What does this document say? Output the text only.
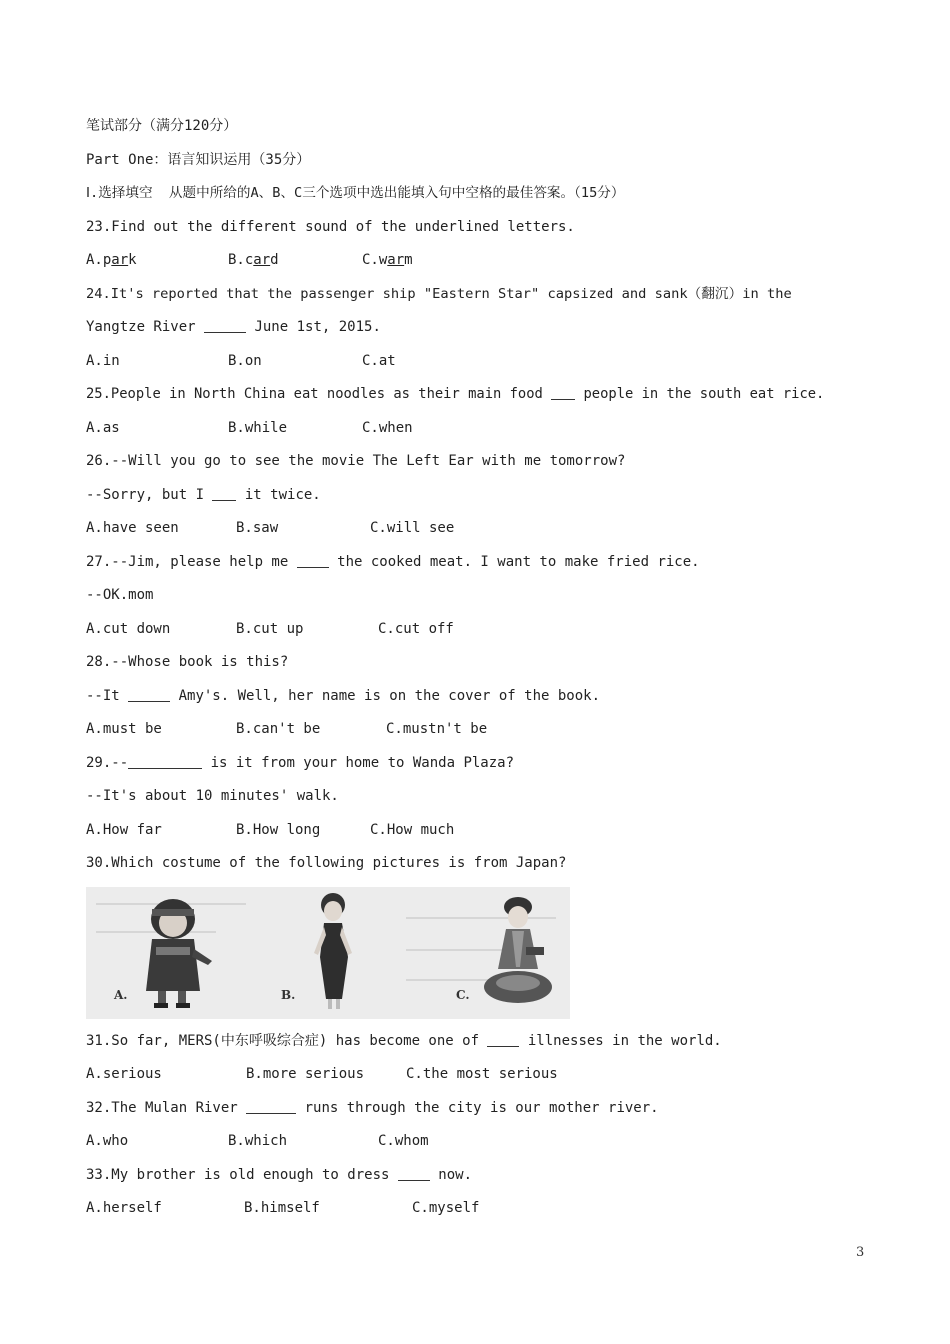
笔试部分（满分120分）
Part One：语言知识运用（35分）
Ⅰ.选择填空  从题中所给的A、B、C三个选项中选出能填入句中空格的最佳答案。（15分）
23.Find out the different sound of the underlined letters.
A.park	B.card	C.warm
24.It's reported that the passenger ship "Eastern Star" capsized and sank（翻沉）in the
Yangtze River	June 1st, 2015.
A.in	B.on	C.at
25.People in North China eat noodles as their main food  people in the south eat rice.
A.as	B.while	C.when
26.--Will you go to see the movie The Left Ear with me tomorrow?
--Sorry, but I  it twice.
A.have seen	B.saw	C.will see
27.--Jim, please help me  the cooked meat. I want to make fried rice.
--OK.mom
A.cut down	B.cut up	C.cut off
28.--Whose book is this?
--It	Amy's. Well, her name is on the cover of the book.
A.must be	B.can't be	C.mustn't be
29.--	is it from your home to Wanda Plaza?
--It's about 10 minutes' walk.
A.How far	B.How long	C.How much
30.Which costume of the following pictures is from Japan?
A.	B.	C.
31.So far, MERS(中东呼吸综合症) has become one of  illnesses in the world.
A.serious	B.more serious	C.the most serious
32.The Mulan River	runs through the city is our mother river.
A.who	B.which	C.whom
33.My brother is old enough to dress  now.
A.herself	B.himself	C.myself
3
